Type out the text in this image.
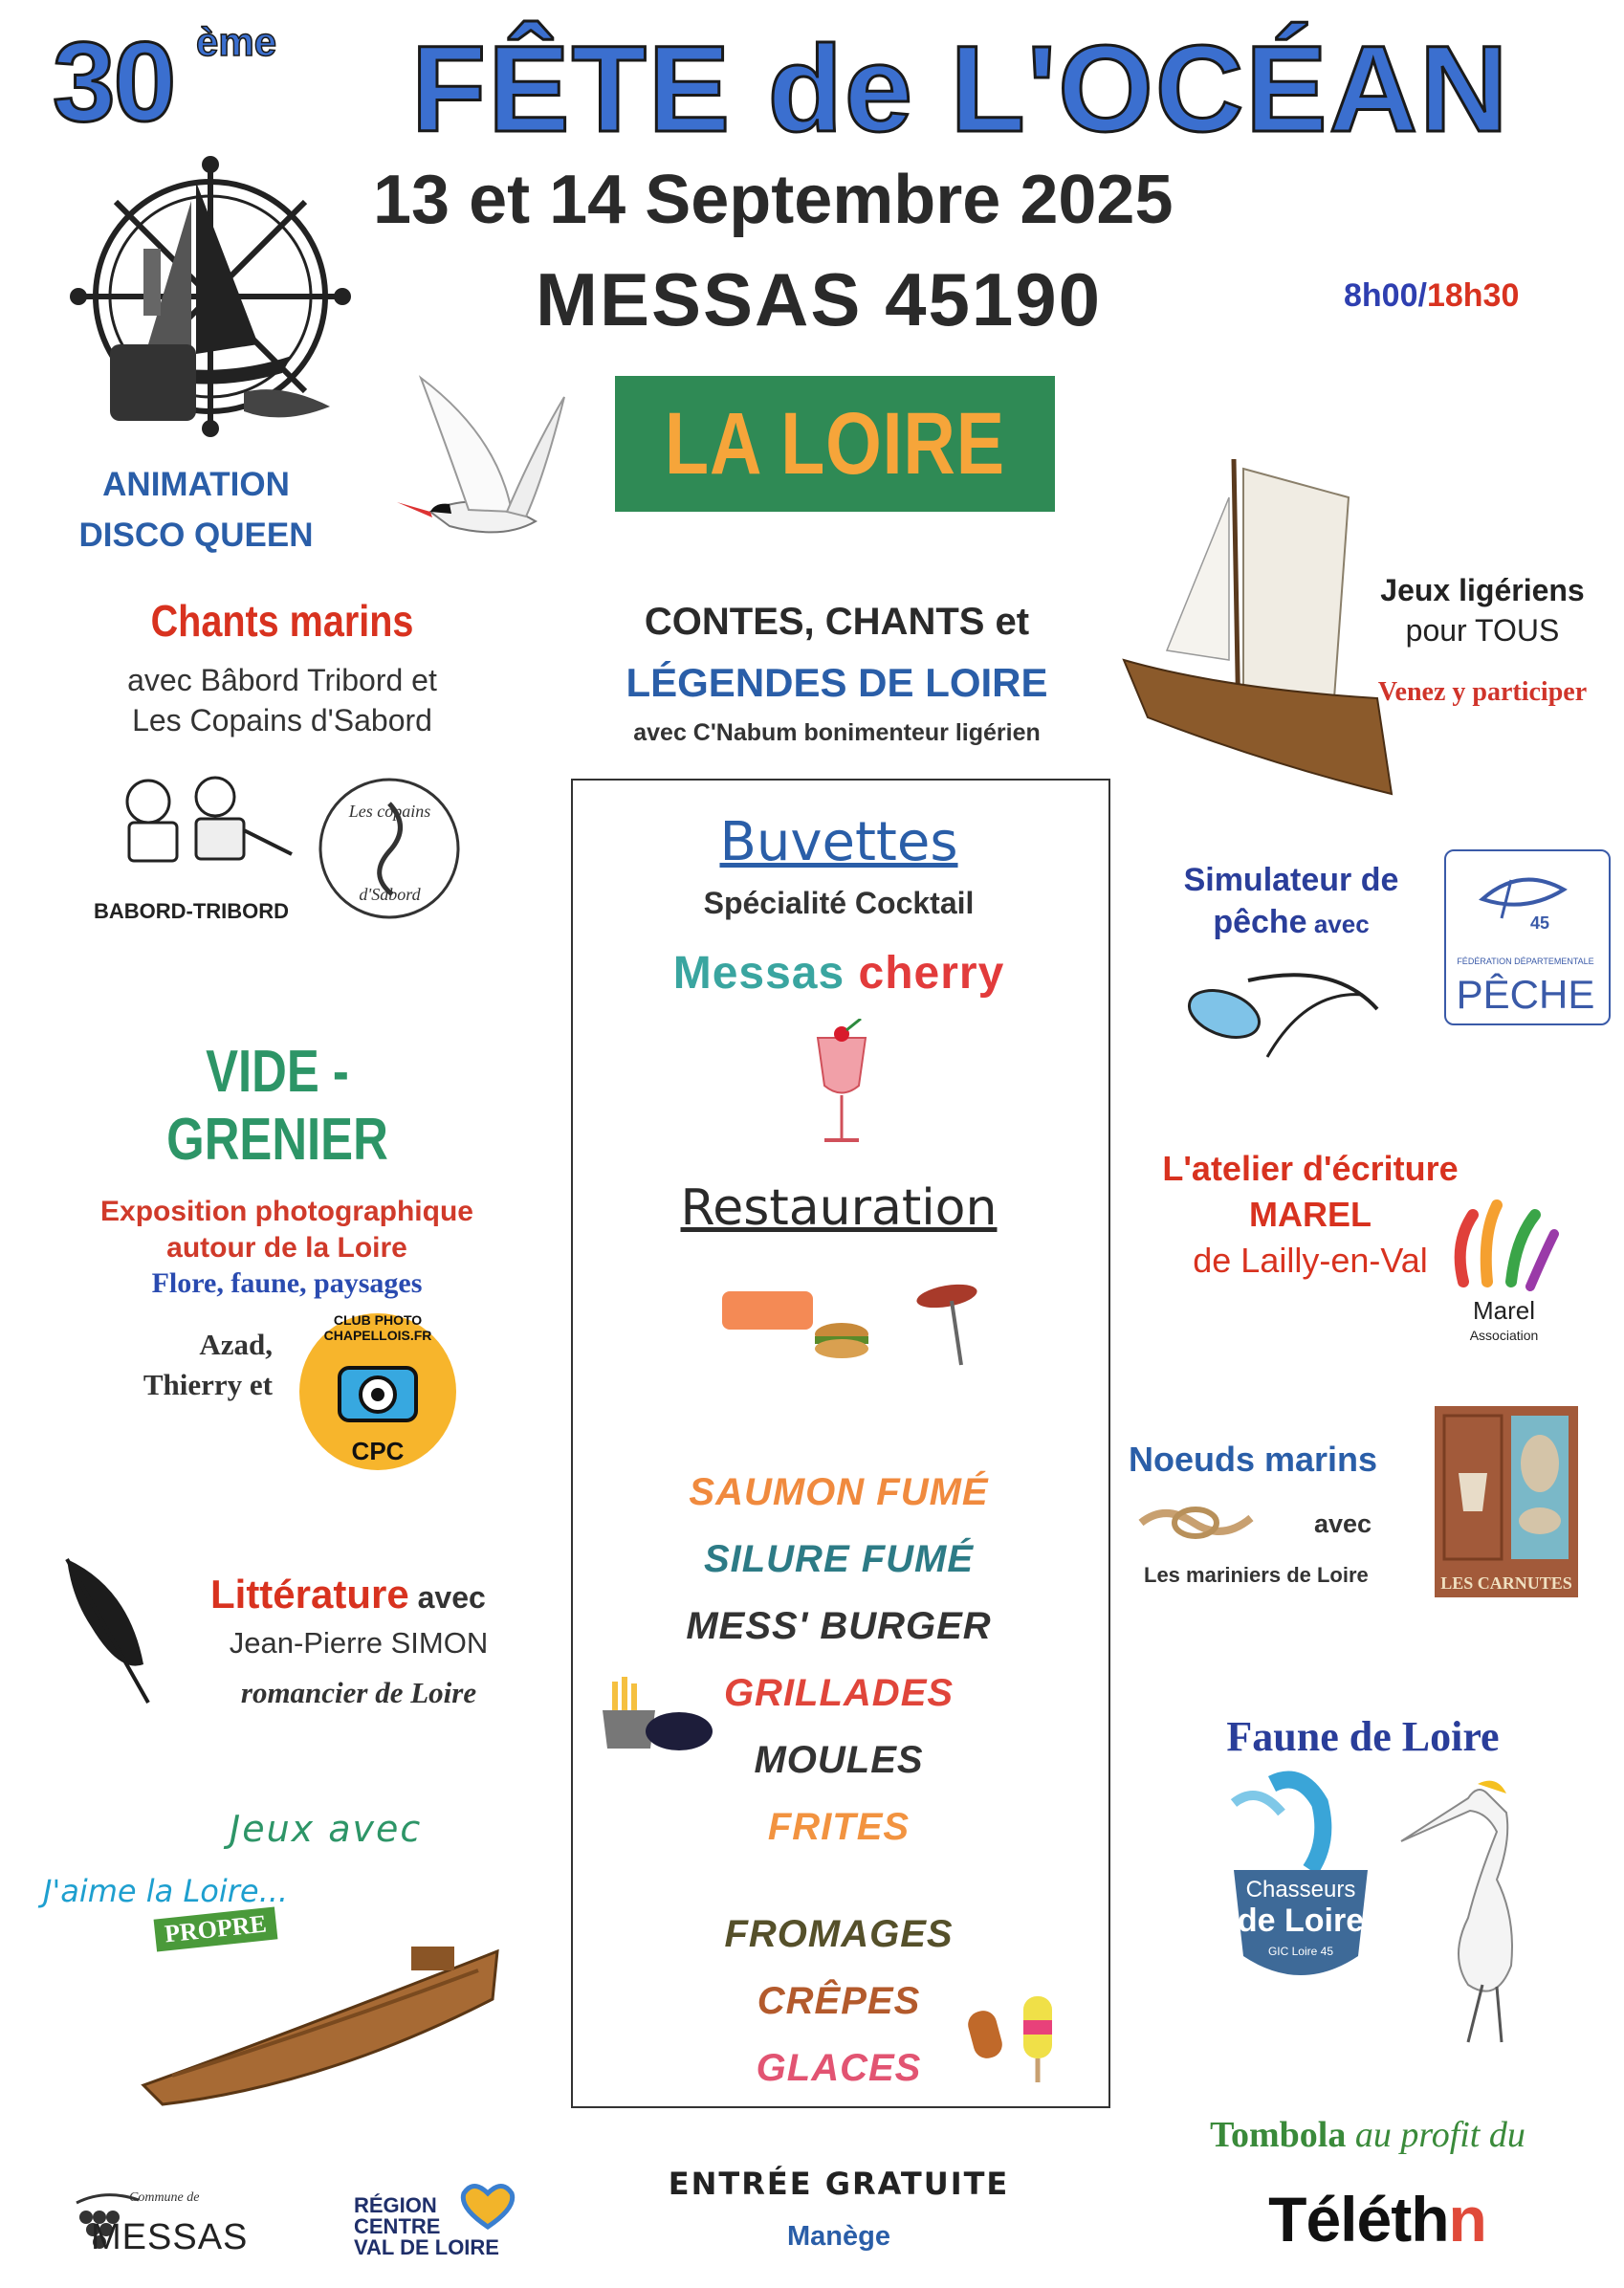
30 ème FÊTE de L'OCÉAN
13 et 14 Septembre 2025
MESSAS 45190	8h00/18h30
LA LOIRE
ANIMATION
DISCO QUEEN
Chants marins
avec Bâbord Tribord et
Les Copains d'Sabord
BABORD-TRIBORD
Les copains
d'Sabord
VIDE - GRENIER
Exposition photographique
autour de la Loire
Flore, faune, paysages
Azad,
Thierry et
CLUB PHOTO CHAPELLOIS.FR
CPC
Littérature avec
Jean-Pierre SIMON
romancier de Loire
Jeux avec
J'aime la Loire...
PROPRE
CONTES, CHANTS et
LÉGENDES DE LOIRE
avec C'Nabum bonimenteur ligérien
Buvettes
Spécialité Cocktail
Messas cherry
Restauration
SAUMON FUMÉ
SILURE FUMÉ
MESS' BURGER
GRILLADES
MOULES
FRITES
FROMAGES
CRÊPES
GLACES
ENTRÉE GRATUITE
Manège
Jeux ligériens
pour TOUS
Venez y participer
Simulateur de
pêche avec	45
FÉDÉRATION DÉPARTEMENTALE
PÊCHE
L'atelier d'écriture
MAREL
de Lailly-en-Val
Marel
Association
Noeuds marins
avec
Les mariniers de Loire	LES CARNUTES
Faune de Loire
Chasseurs
de Loire
GIC Loire 45
Tombola au profit du
Téléthn
Commune de
MESSAS
RÉGION
CENTRE
VAL DE LOIRE
